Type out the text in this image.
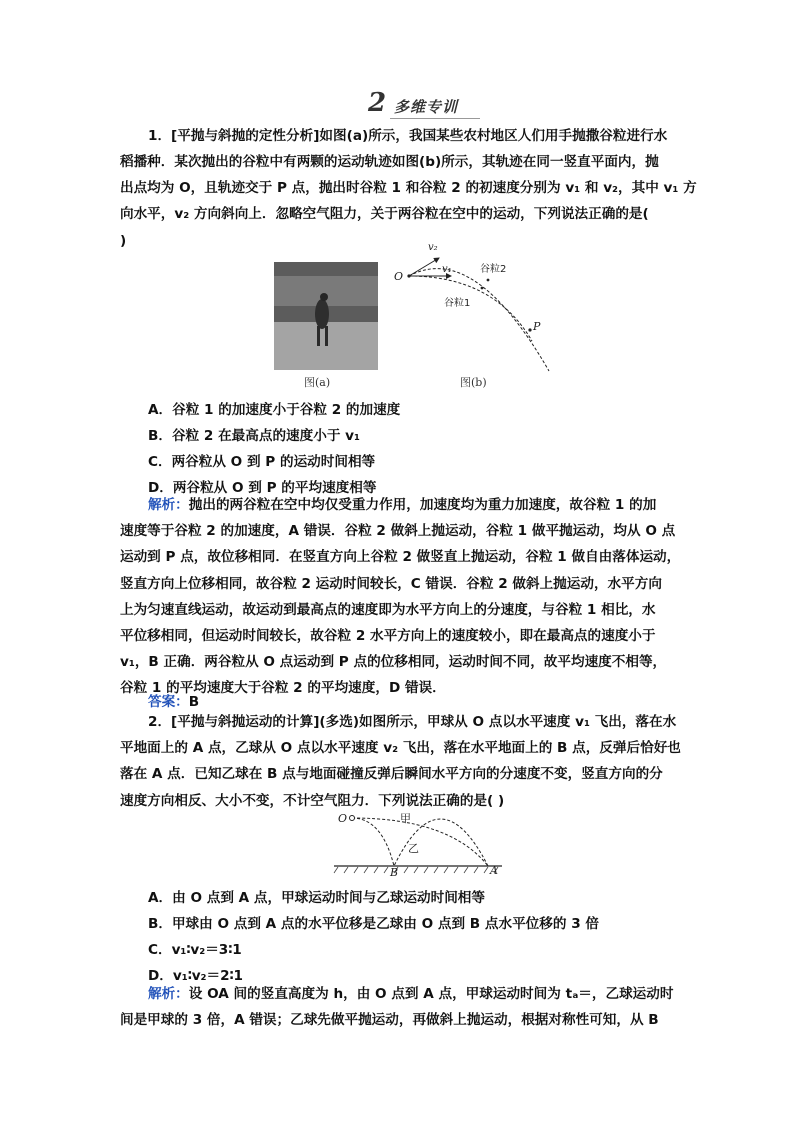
2 多维专训
1．[平抛与斜抛的定性分析]如图(a)所示，我国某些农村地区人们用手抛撒谷粒进行水
稻播种．某次抛出的谷粒中有两颗的运动轨迹如图(b)所示，其轨迹在同一竖直平面内，抛
出点均为 O，且轨迹交于 P 点，抛出时谷粒 1 和谷粒 2 的初速度分别为 v₁ 和 v₂，其中 v₁ 方
向水平，v₂ 方向斜向上．忽略空气阻力，关于两谷粒在空中的运动，下列说法正确的是(
)
图(a)
O
v₁
v₂
谷粒2
谷粒1
P
图(b)

A．谷粒 1 的加速度小于谷粒 2 的加速度

B．谷粒 2 在最高点的速度小于 v₁

C．两谷粒从 O 到 P 的运动时间相等

D．两谷粒从 O 到 P 的平均速度相等

解析：抛出的两谷粒在空中均仅受重力作用，加速度均为重力加速度，故谷粒 1 的加
速度等于谷粒 2 的加速度，A 错误．谷粒 2 做斜上抛运动，谷粒 1 做平抛运动，均从 O 点
运动到 P 点，故位移相同．在竖直方向上谷粒 2 做竖直上抛运动，谷粒 1 做自由落体运动，
竖直方向上位移相同，故谷粒 2 运动时间较长，C 错误．谷粒 2 做斜上抛运动，水平方向
上为匀速直线运动，故运动到最高点的速度即为水平方向上的分速度，与谷粒 1 相比，水
平位移相同，但运动时间较长，故谷粒 2 水平方向上的速度较小，即在最高点的速度小于
v₁，B 正确．两谷粒从 O 点运动到 P 点的位移相同，运动时间不同，故平均速度不相等，
谷粒 1 的平均速度大于谷粒 2 的平均速度，D 错误．

答案：B

2．[平抛与斜抛运动的计算](多选)如图所示，甲球从 O 点以水平速度 v₁ 飞出，落在水
平地面上的 A 点，乙球从 O 点以水平速度 v₂ 飞出，落在水平地面上的 B 点，反弹后恰好也
落在 A 点．已知乙球在 B 点与地面碰撞反弹后瞬间水平方向的分速度不变，竖直方向的分
速度方向相反、大小不变，不计空气阻力．下列说法正确的是( )
O	甲
乙
B	A

A．由 O 点到 A 点，甲球运动时间与乙球运动时间相等

B．甲球由 O 点到 A 点的水平位移是乙球由 O 点到 B 点水平位移的 3 倍

C．v₁∶v₂＝3∶1

D．v₁∶v₂＝2∶1

解析：设 OA 间的竖直高度为 h，由 O 点到 A 点，甲球运动时间为 tₐ＝，乙球运动时
间是甲球的 3 倍，A 错误；乙球先做平抛运动，再做斜上抛运动，根据对称性可知，从 B
